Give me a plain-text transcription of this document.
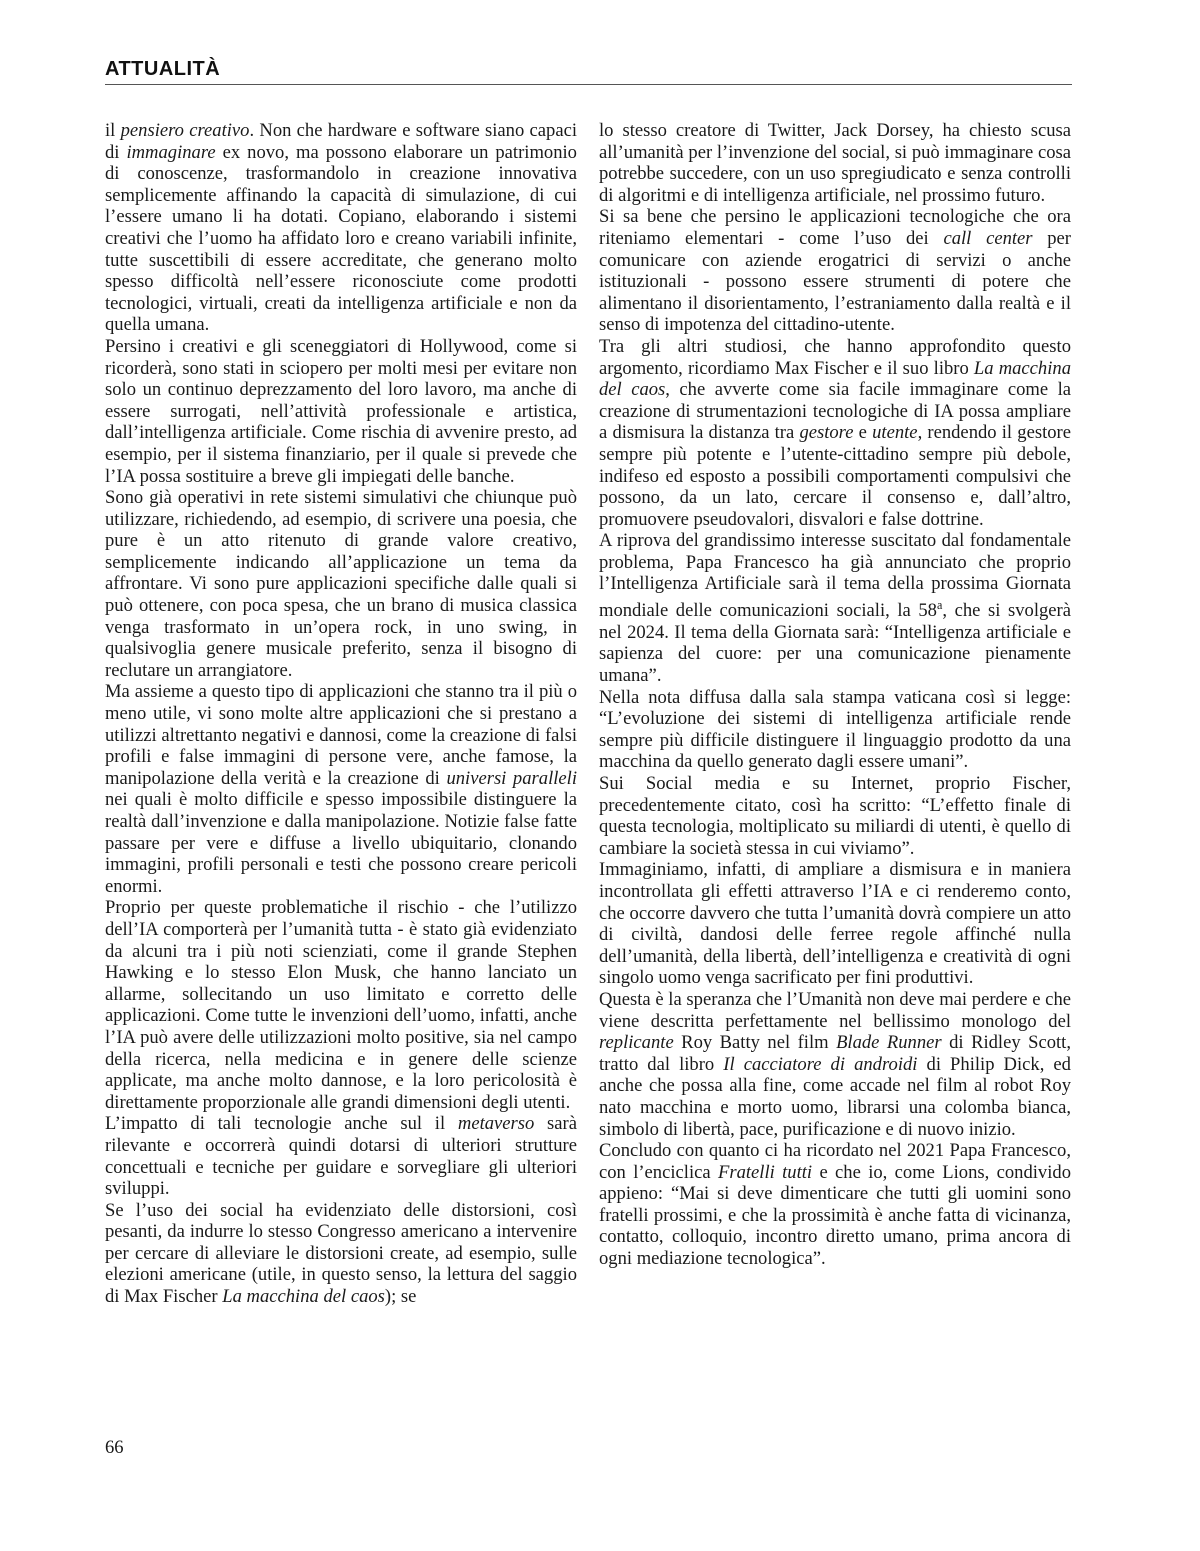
ATTUALITÀ

il pensiero creativo. Non che hardware e software siano capaci di immaginare ex novo, ma possono elaborare un patrimonio di conoscenze, trasformandolo in creazione innovativa semplicemente affinando la capacità di simulazione, di cui l’essere umano li ha dotati. Copiano, elaborando i sistemi creativi che l’uomo ha affidato loro e creano variabili infinite, tutte suscettibili di essere accreditate, che generano molto spesso difficoltà nell’essere riconosciute come prodotti tecnologici, virtuali, creati da intelligenza artificiale e non da quella umana.

Persino i creativi e gli sceneggiatori di Hollywood, come si ricorderà, sono stati in sciopero per molti mesi per evitare non solo un continuo deprezzamento del loro lavoro, ma anche di essere surrogati, nell’attività professionale e artistica, dall’intelligenza artificiale. Come rischia di avvenire presto, ad esempio, per il sistema finanziario, per il quale si prevede che l’IA possa sostituire a breve gli impiegati delle banche.

Sono già operativi in rete sistemi simulativi che chiunque può utilizzare, richiedendo, ad esempio, di scrivere una poesia, che pure è un atto ritenuto di grande valore creativo, semplicemente indicando all’applicazione un tema da affrontare. Vi sono pure applicazioni specifiche dalle quali si può ottenere, con poca spesa, che un brano di musica classica venga trasformato in un’opera rock, in uno swing, in qualsivoglia genere musicale preferito, senza il bisogno di reclutare un arrangiatore.

Ma assieme a questo tipo di applicazioni che stanno tra il più o meno utile, vi sono molte altre applicazioni che si prestano a utilizzi altrettanto negativi e dannosi, come la creazione di falsi profili e false immagini di persone vere, anche famose, la manipolazione della verità e la creazione di universi paralleli nei quali è molto difficile e spesso impossibile distinguere la realtà dall’invenzione e dalla manipolazione. Notizie false fatte passare per vere e diffuse a livello ubiquitario, clonando immagini, profili personali e testi che possono creare pericoli enormi.

Proprio per queste problematiche il rischio - che l’utilizzo dell’IA comporterà per l’umanità tutta - è stato già evidenziato da alcuni tra i più noti scienziati, come il grande Stephen Hawking e lo stesso Elon Musk, che hanno lanciato un allarme, sollecitando un uso limitato e corretto delle applicazioni. Come tutte le invenzioni dell’uomo, infatti, anche l’IA può avere delle utilizzazioni molto positive, sia nel campo della ricerca, nella medicina e in genere delle scienze applicate, ma anche molto dannose, e la loro pericolosità è direttamente proporzionale alle grandi dimensioni degli utenti.

L’impatto di tali tecnologie anche sul il metaverso sarà rilevante e occorrerà quindi dotarsi di ulteriori strutture concettuali e tecniche per guidare e sorvegliare gli ulteriori sviluppi.

Se l’uso dei social ha evidenziato delle distorsioni, così pesanti, da indurre lo stesso Congresso americano a intervenire per cercare di alleviare le distorsioni create, ad esempio, sulle elezioni americane (utile, in questo senso, la lettura del saggio di Max Fischer La macchina del caos); se

lo stesso creatore di Twitter, Jack Dorsey, ha chiesto scusa all’umanità per l’invenzione del social, si può immaginare cosa potrebbe succedere, con un uso spregiudicato e senza controlli di algoritmi e di intelligenza artificiale, nel prossimo futuro.

Si sa bene che persino le applicazioni tecnologiche che ora riteniamo elementari - come l’uso dei call center per comunicare con aziende erogatrici di servizi o anche istituzionali - possono essere strumenti di potere che alimentano il disorientamento, l’estraniamento dalla realtà e il senso di impotenza del cittadino-utente.

Tra gli altri studiosi, che hanno approfondito questo argomento, ricordiamo Max Fischer e il suo libro La macchina del caos, che avverte come sia facile immaginare come la creazione di strumentazioni tecnologiche di IA possa ampliare a dismisura la distanza tra gestore e utente, rendendo il gestore sempre più potente e l’utente-cittadino sempre più debole, indifeso ed esposto a possibili comportamenti compulsivi che possono, da un lato, cercare il consenso e, dall’altro, promuovere pseudovalori, disvalori e false dottrine.

A riprova del grandissimo interesse suscitato dal fondamentale problema, Papa Francesco ha già annunciato che proprio l’Intelligenza Artificiale sarà il tema della prossima Giornata mondiale delle comunicazioni sociali, la 58$^a$, che si svolgerà nel 2024. Il tema della Giornata sarà: “Intelligenza artificiale e sapienza del cuore: per una comunicazione pienamente umana”.

Nella nota diffusa dalla sala stampa vaticana così si legge: “L’evoluzione dei sistemi di intelligenza artificiale rende sempre più difficile distinguere il linguaggio prodotto da una macchina da quello generato dagli essere umani”.

Sui Social media e su Internet, proprio Fischer, precedentemente citato, così ha scritto: “L’effetto finale di questa tecnologia, moltiplicato su miliardi di utenti, è quello di cambiare la società stessa in cui viviamo”.

Immaginiamo, infatti, di ampliare a dismisura e in maniera incontrollata gli effetti attraverso l’IA e ci renderemo conto, che occorre davvero che tutta l’umanità dovrà compiere un atto di civiltà, dandosi delle ferree regole affinché nulla dell’umanità, della libertà, dell’intelligenza e creatività di ogni singolo uomo venga sacrificato per fini produttivi.

Questa è la speranza che l’Umanità non deve mai perdere e che viene descritta perfettamente nel bellissimo monologo del replicante Roy Batty nel film Blade Runner di Ridley Scott, tratto dal libro Il cacciatore di androidi di Philip Dick, ed anche che possa alla fine, come accade nel film al robot Roy nato macchina e morto uomo, librarsi una colomba bianca, simbolo di libertà, pace, purificazione e di nuovo inizio.

Concludo con quanto ci ha ricordato nel 2021 Papa Francesco, con l’enciclica Fratelli tutti e che io, come Lions, condivido appieno: “Mai si deve dimenticare che tutti gli uomini sono fratelli prossimi, e che la prossimità è anche fatta di vicinanza, contatto, colloquio, incontro diretto umano, prima ancora di ogni mediazione tecnologica”.

66
